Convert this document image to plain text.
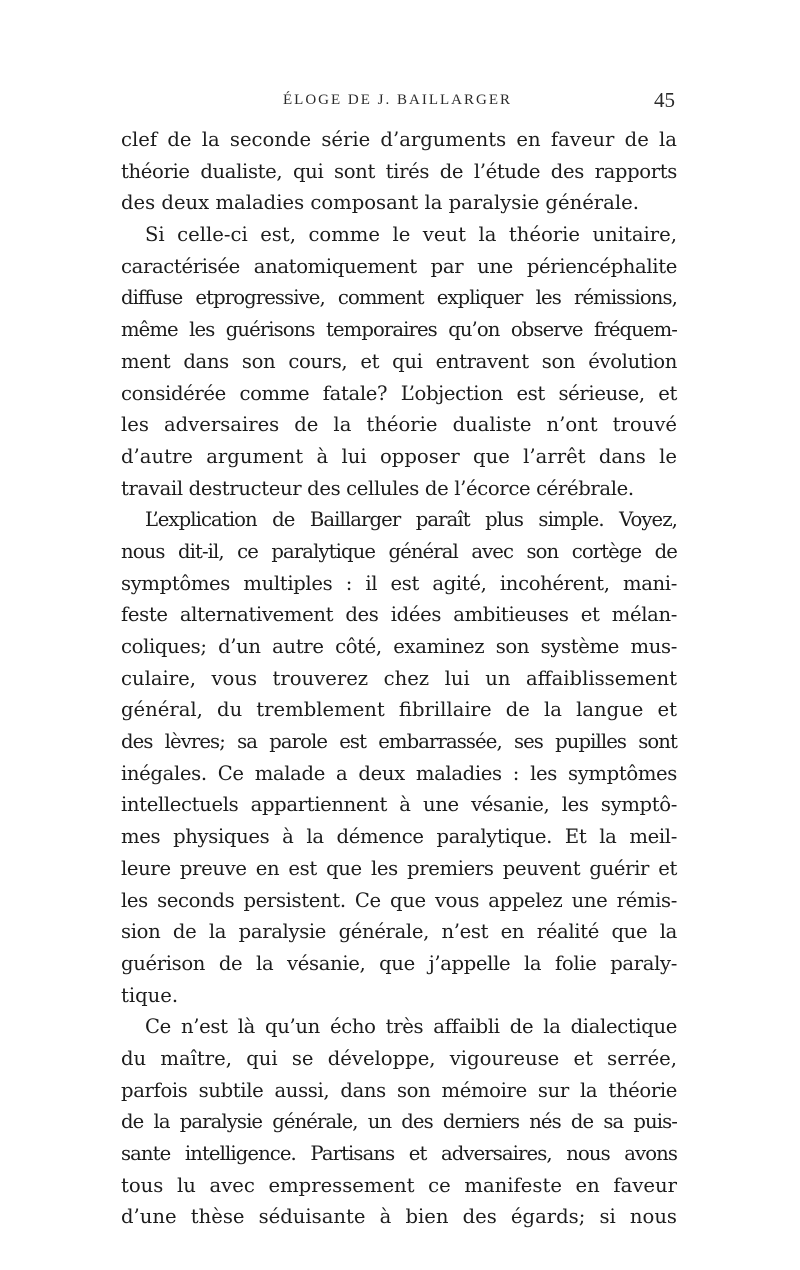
ÉLOGE DE J. BAILLARGER	45
clef de la seconde série d’arguments en faveur de la
théorie dualiste, qui sont tirés de l’étude des rapports
des deux maladies composant la paralysie générale.
Si celle-ci est, comme le veut la théorie unitaire,
caractérisée anatomiquement par une périencéphalite
diffuse etprogressive, comment expliquer les rémissions,
même les guérisons temporaires qu’on observe fréquem-
ment dans son cours, et qui entravent son évolution
considérée comme fatale? L’objection est sérieuse, et
les adversaires de la théorie dualiste n’ont trouvé
d’autre argument à lui opposer que l’arrêt dans le
travail destructeur des cellules de l’écorce cérébrale.
L’explication de Baillarger paraît plus simple. Voyez,
nous dit-il, ce paralytique général avec son cortège de
symptômes multiples : il est agité, incohérent, mani-
feste alternativement des idées ambitieuses et mélan-
coliques; d’un autre côté, examinez son système mus-
culaire, vous trouverez chez lui un affaiblissement
général, du tremblement fibrillaire de la langue et
des lèvres; sa parole est embarrassée, ses pupilles sont
inégales. Ce malade a deux maladies : les symptômes
intellectuels appartiennent à une vésanie, les symptô-
mes physiques à la démence paralytique. Et la meil-
leure preuve en est que les premiers peuvent guérir et
les seconds persistent. Ce que vous appelez une rémis-
sion de la paralysie générale, n’est en réalité que la
guérison de la vésanie, que j’appelle la folie paraly-
tique.
Ce n’est là qu’un écho très affaibli de la dialectique
du maître, qui se développe, vigoureuse et serrée,
parfois subtile aussi, dans son mémoire sur la théorie
de la paralysie générale, un des derniers nés de sa puis-
sante intelligence. Partisans et adversaires, nous avons
tous lu avec empressement ce manifeste en faveur
d’une thèse séduisante à bien des égards; si nous
